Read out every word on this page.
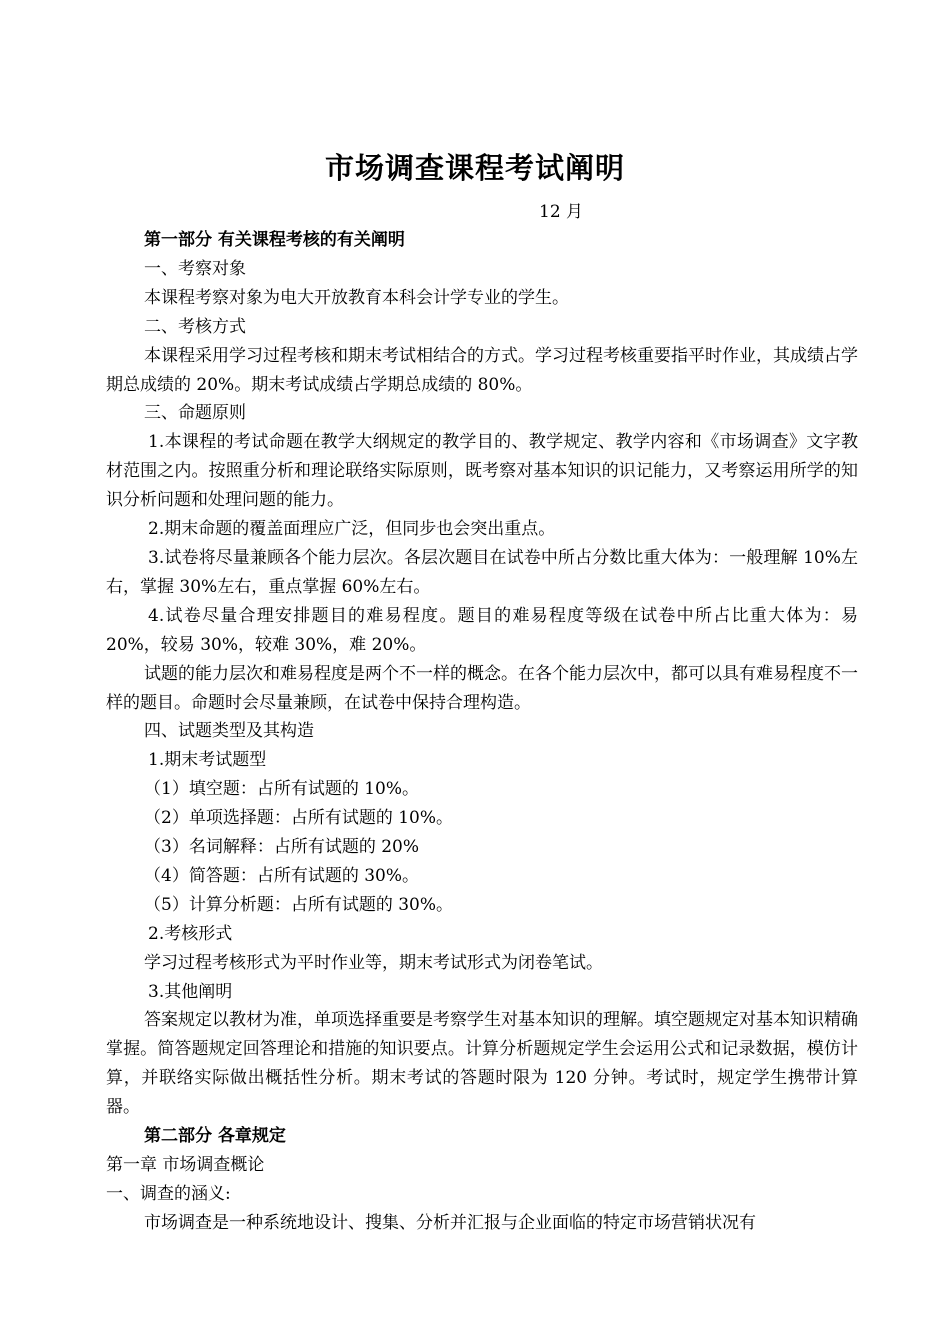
市场调查课程考试阐明
12 月

第一部分 有关课程考核的有关阐明

一、考察对象

本课程考察对象为电大开放教育本科会计学专业的学生。

二、考核方式

本课程采用学习过程考核和期末考试相结合的方式。学习过程考核重要指平时作业，其成绩占学期总成绩的 20%。期末考试成绩占学期总成绩的 80%。

三、命题原则

1.本课程的考试命题在教学大纲规定的教学目的、教学规定、教学内容和《市场调查》文字教材范围之内。按照重分析和理论联络实际原则，既考察对基本知识的识记能力，又考察运用所学的知识分析问题和处理问题的能力。

2.期末命题的覆盖面理应广泛，但同步也会突出重点。

3.试卷将尽量兼顾各个能力层次。各层次题目在试卷中所占分数比重大体为：一般理解 10%左右，掌握 30%左右，重点掌握 60%左右。

4.试卷尽量合理安排题目的难易程度。题目的难易程度等级在试卷中所占比重大体为：易 20%，较易 30%，较难 30%，难 20%。

试题的能力层次和难易程度是两个不一样的概念。在各个能力层次中，都可以具有难易程度不一样的题目。命题时会尽量兼顾，在试卷中保持合理构造。

四、试题类型及其构造

1.期末考试题型

（1）填空题：占所有试题的 10%。

（2）单项选择题：占所有试题的 10%。

（3）名词解释：占所有试题的 20%

（4）简答题：占所有试题的 30%。

（5）计算分析题：占所有试题的 30%。

2.考核形式

学习过程考核形式为平时作业等，期末考试形式为闭卷笔试。

3.其他阐明

答案规定以教材为准，单项选择重要是考察学生对基本知识的理解。填空题规定对基本知识精确掌握。简答题规定回答理论和措施的知识要点。计算分析题规定学生会运用公式和记录数据，模仿计算，并联络实际做出概括性分析。期末考试的答题时限为 120 分钟。考试时，规定学生携带计算器。

第二部分 各章规定

第一章 市场调查概论

一、调查的涵义:

市场调查是一种系统地设计、搜集、分析并汇报与企业面临的特定市场营销状况有
